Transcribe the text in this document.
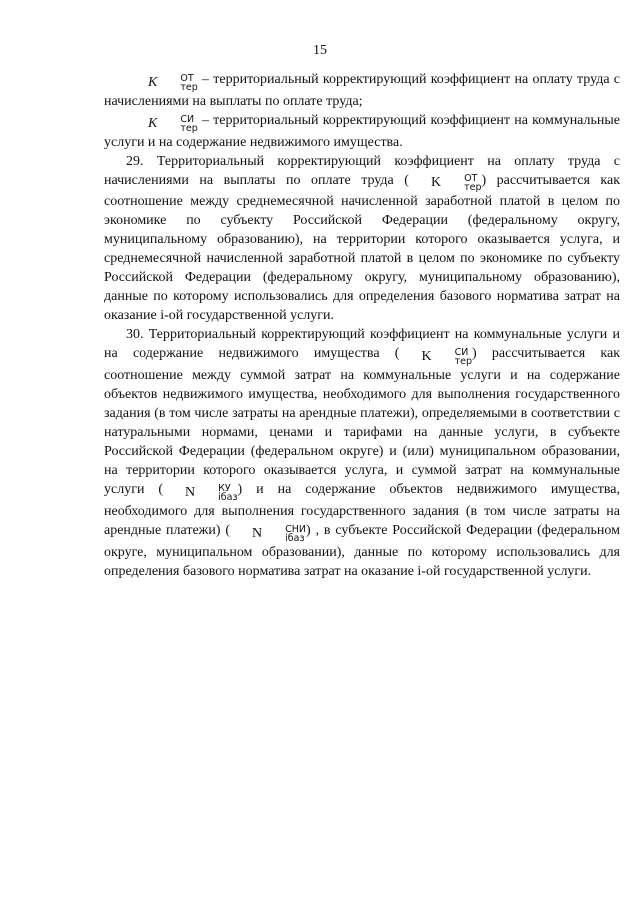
15

K	ОТ
тер
– территориальный корректирующий коэффициент на оплату труда с начислениями на выплаты по оплате труда;

K	СИ
тер
– территориальный корректирующий коэффициент на коммунальные услуги и на содержание недвижимого имущества.

29. Территориальный корректирующий коэффициент на оплату труда с начислениями на выплаты по оплате труда ( K	ОТ
тер
) рассчитывается как соотношение между среднемесячной начисленной заработной платой в целом по экономике по субъекту Российской Федерации (федеральному округу, муниципальному образованию), на территории которого оказывается услуга, и среднемесячной начисленной заработной платой в целом по экономике по субъекту Российской Федерации (федеральному округу, муниципальному образованию), данные по которому использовались для определения базового норматива затрат на оказание i-ой государственной услуги.

30. Территориальный корректирующий коэффициент на коммунальные услуги и на содержание недвижимого имущества ( K	СИ
тер
) рассчитывается как соотношение между суммой затрат на коммунальные услуги и на содержание объектов недвижимого имущества, необходимого для выполнения государственного задания (в том числе затраты на арендные платежи), определяемыми в соответствии с натуральными нормами, ценами и тарифами на данные услуги, в субъекте Российской Федерации (федеральном округе) и (или) муниципальном образовании, на территории которого оказывается услуга, и суммой затрат на коммунальные услуги ( N	КУ
iбаз
) и на содержание объектов недвижимого имущества, необходимого для выполнения государственного задания (в том числе затраты на арендные платежи) ( N	СНИ
iбаз
) , в субъекте Российской Федерации (федеральном округе, муниципальном образовании), данные по которому использовались для определения базового норматива затрат на оказание i-ой государственной услуги.
